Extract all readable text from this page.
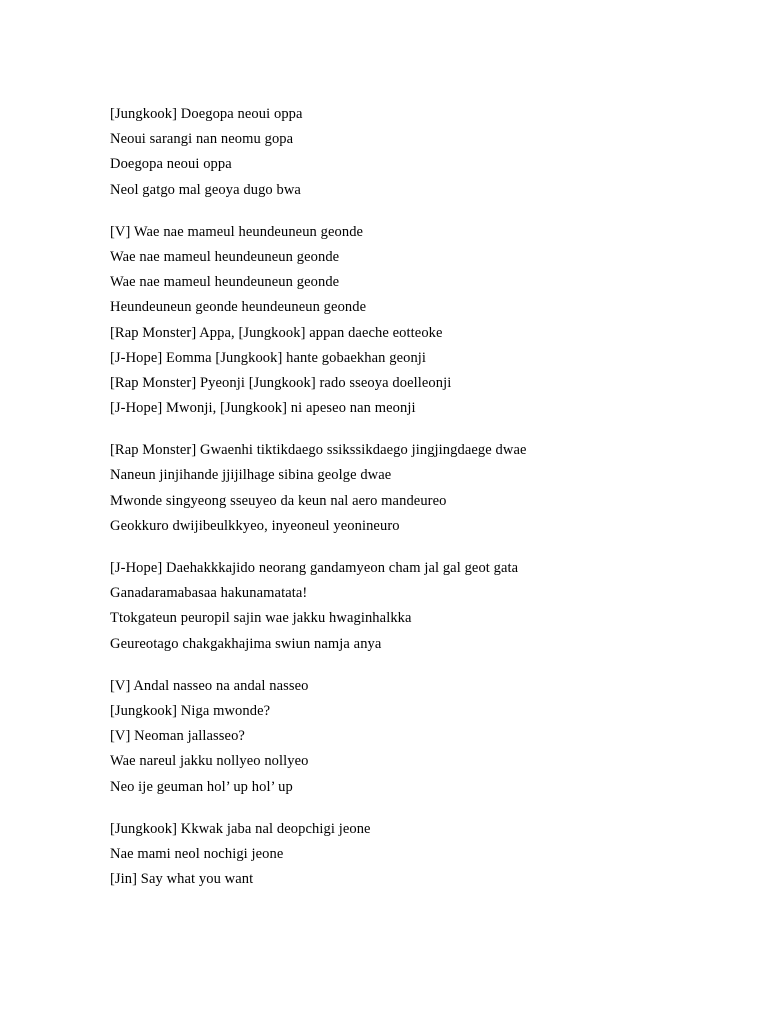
[Jungkook] Doegopa neoui oppa
Neoui sarangi nan neomu gopa
Doegopa neoui oppa
Neol gatgo mal geoya dugo bwa
[V] Wae nae mameul heundeuneun geonde
Wae nae mameul heundeuneun geonde
Wae nae mameul heundeuneun geonde
Heundeuneun geonde heundeuneun geonde
[Rap Monster] Appa, [Jungkook] appan daeche eotteoke
[J-Hope] Eomma [Jungkook] hante gobaekhan geonji
[Rap Monster] Pyeonji [Jungkook] rado sseoya doelleonji
[J-Hope] Mwonji, [Jungkook] ni apeseo nan meonji
[Rap Monster] Gwaenhi tiktikdaego ssikssikdaego jingjingdaege dwae
Naneun jinjihande jjijilhage sibina geolge dwae
Mwonde singyeong sseuyeo da keun nal aero mandeureo
Geokkuro dwijibeulkkyeo, inyeoneul yeonineuro
[J-Hope] Daehakkkajido neorang gandamyeon cham jal gal geot gata
Ganadaramabasaa hakunamatata!
Ttokgateun peuropil sajin wae jakku hwaginhalkka
Geureotago chakgakhajima swiun namja anya
[V] Andal nasseo na andal nasseo
[Jungkook] Niga mwonde?
[V] Neoman jallasseo?
Wae nareul jakku nollyeo nollyeo
Neo ije geuman hol’ up hol’ up
[Jungkook] Kkwak jaba nal deopchigi jeone
Nae mami neol nochigi jeone
[Jin] Say what you want
